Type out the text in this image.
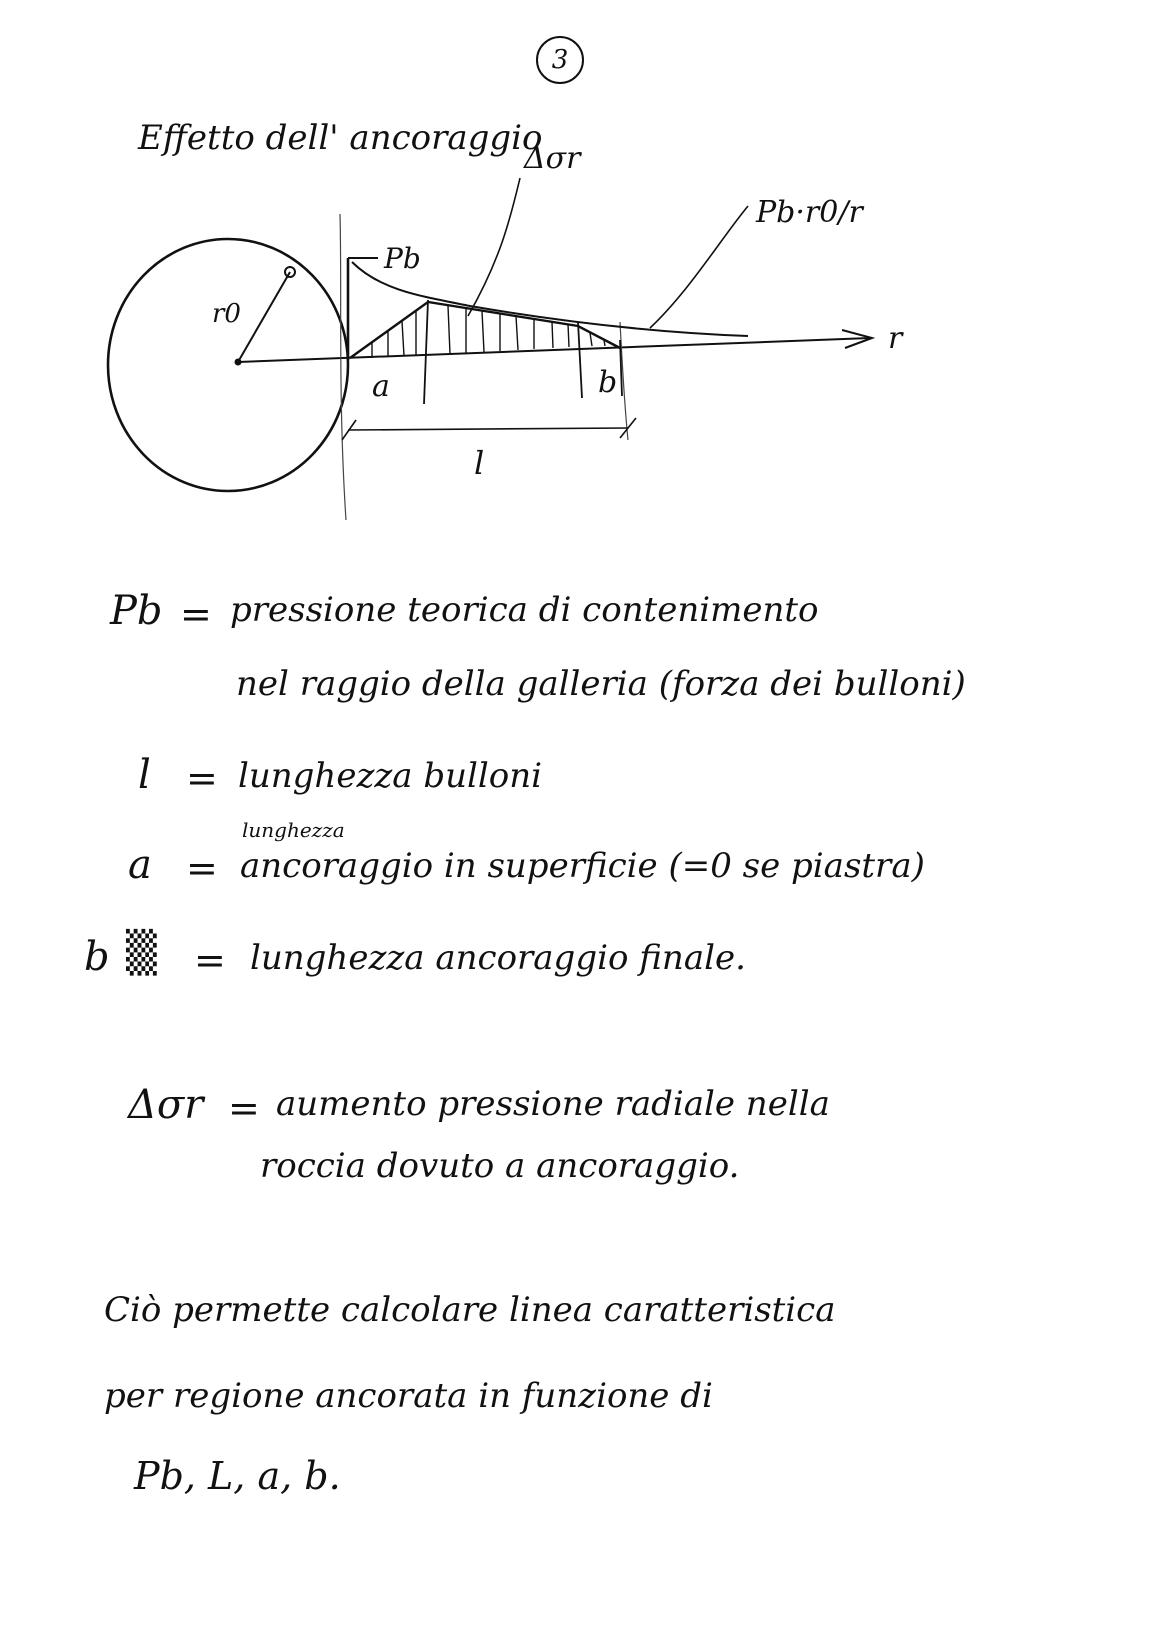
3
Effetto dell' ancoraggio
Δσr
Pb·r0/r
Pb
r0
r
a	b
l
Pb = pressione teorica di contenimento
nel raggio della galleria (forza dei bulloni)
l = lunghezza bulloni
lunghezza
a = ancoraggio in superficie (=0 se piastra)
b ▒ = lunghezza ancoraggio finale.
Δσr = aumento pressione radiale nella
roccia dovuto a ancoraggio.
Ciò permette calcolare linea caratteristica
per regione ancorata in funzione di
Pb, L, a, b.
